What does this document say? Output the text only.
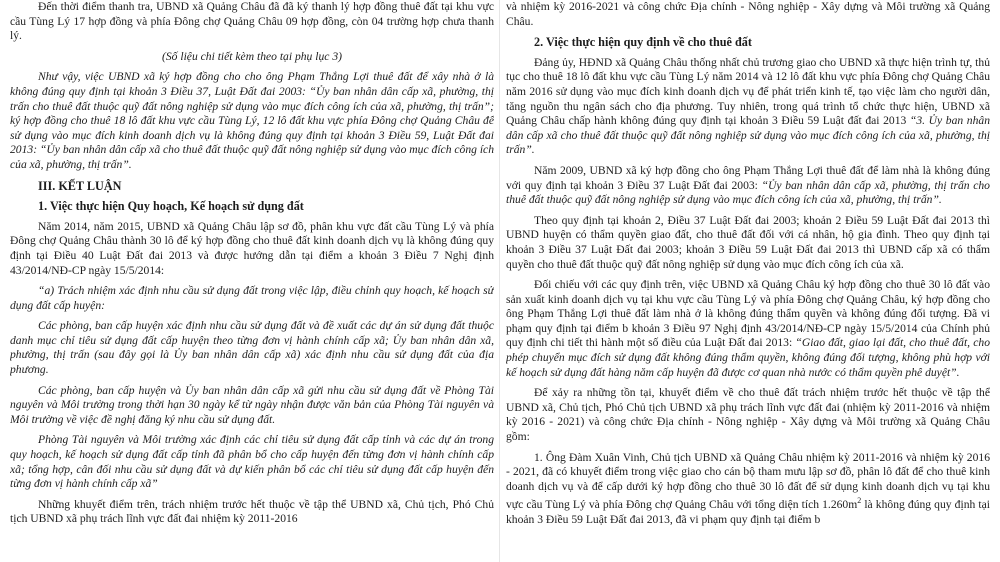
Đến thời điểm thanh tra, UBND xã Quảng Châu đã đã ký thanh lý hợp đồng thuê đất tại khu vực cầu Tùng Lý 17 hợp đồng và phía Đông chợ Quảng Châu 09 hợp đồng, còn 04 trường hợp chưa thanh lý.

(Số liệu chi tiết kèm theo tại phụ lục 3)

Như vậy, việc UBND xã ký hợp đồng cho cho ông Phạm Thắng Lợi thuê đất để xây nhà ở là không đúng quy định tại khoản 3 Điều 37, Luật Đất đai 2003: “Ủy ban nhân dân cấp xã, phường, thị trấn cho thuê đất thuộc quỹ đất nông nghiệp sử dụng vào mục đích công ích của xã, phường, thị trấn”; ký hợp đồng cho thuê 18 lô đất khu vực cầu Tùng Lý, 12 lô đất khu vực phía Đông chợ Quảng Châu để sử dụng vào mục đích kinh doanh dịch vụ là không đúng quy định tại khoản 3 Điều 59, Luật Đất đai 2013: “Ủy ban nhân dân cấp xã cho thuê đất thuộc quỹ đất nông nghiệp sử dụng vào mục đích công ích của xã, phường, thị trấn”.

III. KẾT LUẬN
1. Việc thực hiện Quy hoạch, Kế hoạch sử dụng đất

Năm 2014, năm 2015, UBND xã Quảng Châu lập sơ đồ, phân khu vực đất cầu Tùng Lý và phía Đông chợ Quảng Châu thành 30 lô để ký hợp đồng cho thuê đất kinh doanh dịch vụ là không đúng quy định tại Điều 40 Luật Đất đai 2013 và được hướng dẫn tại điểm a khoản 3 Điều 7 Nghị định 43/2014/NĐ-CP ngày 15/5/2014:

“a) Trách nhiệm xác định nhu cầu sử dụng đất trong việc lập, điều chỉnh quy hoạch, kế hoạch sử dụng đất cấp huyện:

Các phòng, ban cấp huyện xác định nhu cầu sử dụng đất và đề xuất các dự án sử dụng đất thuộc danh mục chỉ tiêu sử dụng đất cấp huyện theo từng đơn vị hành chính cấp xã; Ủy ban nhân dân xã, phường, thị trấn (sau đây gọi là Ủy ban nhân dân cấp xã) xác định nhu cầu sử dụng đất của địa phương.

Các phòng, ban cấp huyện và Ủy ban nhân dân cấp xã gửi nhu cầu sử dụng đất về Phòng Tài nguyên và Môi trường trong thời hạn 30 ngày kể từ ngày nhận được văn bản của Phòng Tài nguyên và Môi trường về việc đề nghị đăng ký nhu cầu sử dụng đất.

Phòng Tài nguyên và Môi trường xác định các chỉ tiêu sử dụng đất cấp tỉnh và các dự án trong quy hoạch, kế hoạch sử dụng đất cấp tỉnh đã phân bổ cho cấp huyện đến từng đơn vị hành chính cấp xã; tổng hợp, cân đối nhu cầu sử dụng đất và dự kiến phân bổ các chỉ tiêu sử dụng đất cấp huyện đến từng đơn vị hành chính cấp xã”

Những khuyết điểm trên, trách nhiệm trước hết thuộc về tập thể UBND xã, Chủ tịch, Phó Chủ tịch UBND xã phụ trách lĩnh vực đất đai nhiệm kỳ 2011-2016

và nhiệm kỳ 2016-2021 và công chức Địa chính - Nông nghiệp - Xây dựng và Môi trường xã Quảng Châu.

2. Việc thực hiện quy định về cho thuê đất

Đảng ủy, HĐND xã Quảng Châu thống nhất chủ trương giao cho UBND xã thực hiện trình tự, thủ tục cho thuê 18 lô đất khu vực cầu Tùng Lý năm 2014 và 12 lô đất khu vực phía Đông chợ Quảng Châu năm 2016 sử dụng vào mục đích kinh doanh dịch vụ để phát triển kinh tế, tạo việc làm cho người dân, tăng nguồn thu ngân sách cho địa phương. Tuy nhiên, trong quá trình tổ chức thực hiện, UBND xã Quảng Châu chấp hành không đúng quy định tại khoản 3 Điều 59 Luật đất đai 2013 “3. Ủy ban nhân dân cấp xã cho thuê đất thuộc quỹ đất nông nghiệp sử dụng vào mục đích công ích của xã, phường, thị trấn”.

Năm 2009, UBND xã ký hợp đồng cho ông Phạm Thắng Lợi thuê đất để làm nhà là không đúng với quy định tại khoản 3 Điều 37 Luật Đất đai 2003: “Ủy ban nhân dân cấp xã, phường, thị trấn cho thuê đất thuộc quỹ đất nông nghiệp sử dụng vào mục đích công ích của xã, phường, thị trấn”.

Theo quy định tại khoản 2, Điều 37 Luật Đất đai 2003; khoản 2 Điều 59 Luật Đất đai 2013 thì UBND huyện có thẩm quyền giao đất, cho thuê đất đối với cá nhân, hộ gia đình. Theo quy định tại khoản 3 Điều 37 Luật Đất đai 2003; khoản 3 Điều 59 Luật Đất đai 2013 thì UBND cấp xã có thẩm quyền cho thuê đất thuộc quỹ đất nông nghiệp sử dụng vào mục đích công ích của xã.

Đối chiếu với các quy định trên, việc UBND xã Quảng Châu ký hợp đồng cho thuê 30 lô đất vào sản xuất kinh doanh dịch vụ tại khu vực cầu Tùng Lý và phía Đông chợ Quảng Châu, ký hợp đồng cho ông Phạm Thắng Lợi thuê đất làm nhà ở là không đúng thẩm quyền và không đúng đối tượng. Đã vi phạm quy định tại điểm b khoản 3 Điều 97 Nghị định 43/2014/NĐ-CP ngày 15/5/2014 của Chính phủ quy định chi tiết thi hành một số điều của Luật Đất đai 2013: “Giao đất, giao lại đất, cho thuê đất, cho phép chuyển mục đích sử dụng đất không đúng thẩm quyền, không đúng đối tượng, không phù hợp với kế hoạch sử dụng đất hàng năm cấp huyện đã được cơ quan nhà nước có thẩm quyền phê duyệt”.

Để xảy ra những tồn tại, khuyết điểm về cho thuê đất trách nhiệm trước hết thuộc về tập thể UBND xã, Chủ tịch, Phó Chủ tịch UBND xã phụ trách lĩnh vực đất đai (nhiệm kỳ 2011-2016 và nhiệm kỳ 2016 - 2021) và công chức Địa chính - Nông nghiệp - Xây dựng và Môi trường xã Quảng Châu gồm:

1. Ông Đàm Xuân Vinh, Chủ tịch UBND xã Quảng Châu nhiệm kỳ 2011-2016 và nhiệm kỳ 2016 - 2021, đã có khuyết điểm trong việc giao cho cán bộ tham mưu lập sơ đồ, phân lô đất để cho thuê kinh doanh dịch vụ và để cấp dưới ký hợp đồng cho thuê 30 lô đất để sử dụng kinh doanh dịch vụ tại khu vực cầu Tùng Lý và phía Đông chợ Quảng Châu với tổng diện tích $1.260m^2$ là không đúng quy định tại khoản 3 Điều 59 Luật Đất đai 2013, đã vi phạm quy định tại điểm b
